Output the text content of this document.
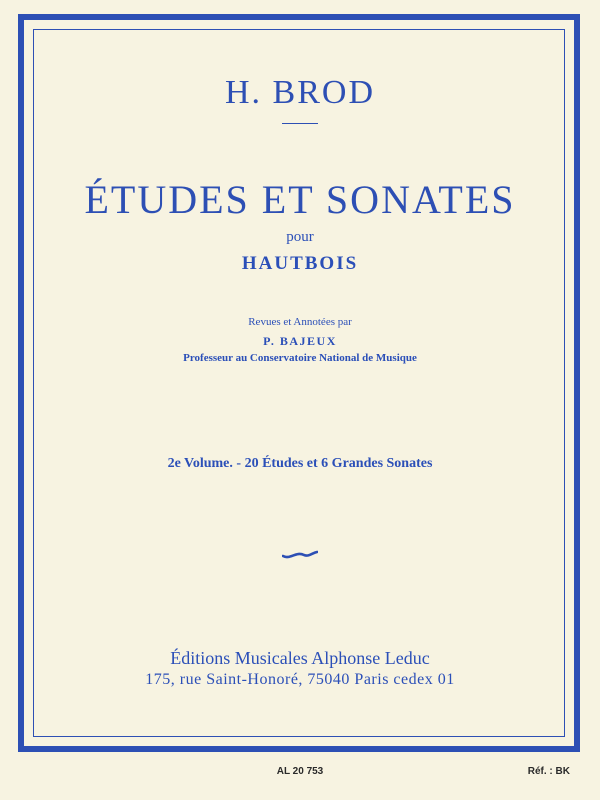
H. BROD
ÉTUDES ET SONATES
pour
HAUTBOIS
Revues et Annotées par
P. BAJEUX
Professeur au Conservatoire National de Musique
2e Volume. - 20 Études et 6 Grandes Sonates
Éditions Musicales Alphonse Leduc
175, rue Saint-Honoré, 75040 Paris cedex 01
AL 20 753	Réf. : BK
